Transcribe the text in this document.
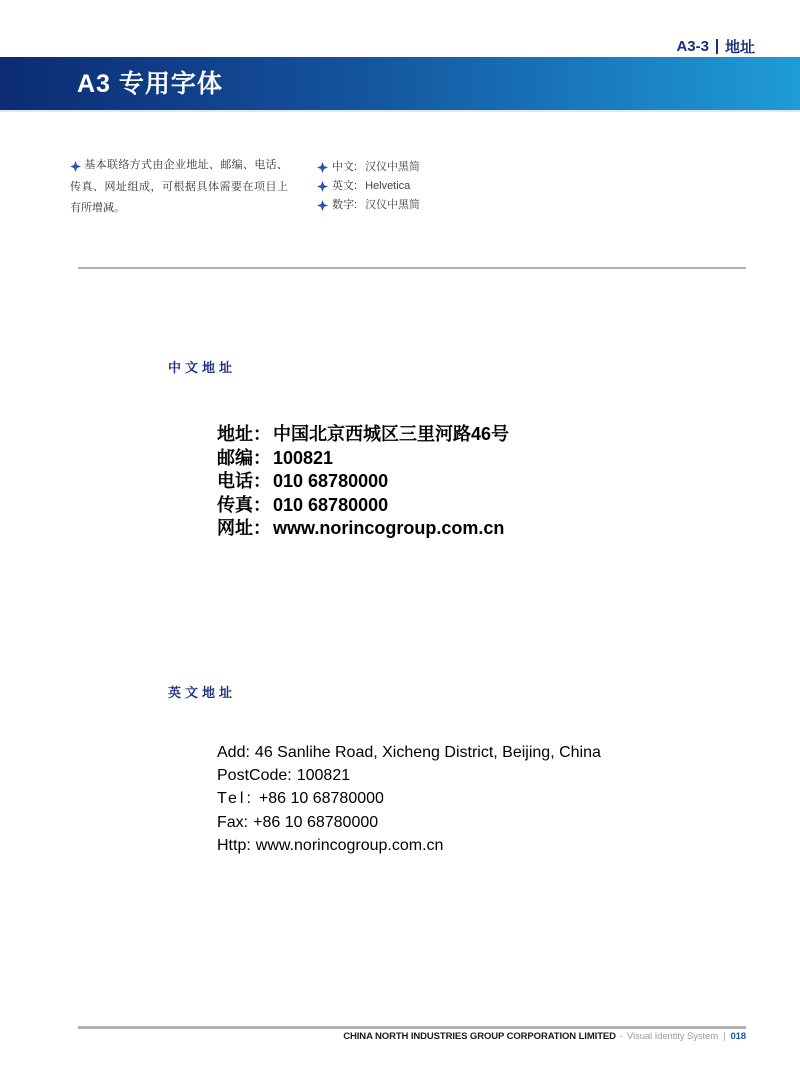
A3-3 地址
A3 专用字体
基本联络方式由企业地址、邮编、电话、传真、网址组成，可根据具体需要在项目上有所增减。
中文: 汉仪中黑简
英文: Helvetica
数字: 汉仪中黑简
中文地址
地址： 中国北京西城区三里河路46号
邮编： 100821
电话： 010 68780000
传真： 010 68780000
网址： www.norincogroup.com.cn
英文地址
Add: 46 Sanlihe Road, Xicheng District, Beijing, China
PostCode: 100821
Tel: +86 10 68780000
Fax: +86 10 68780000
Http: www.norincogroup.com.cn
CHINA NORTH INDUSTRIES GROUP CORPORATION LIMITED - Visual Identity System | 018
